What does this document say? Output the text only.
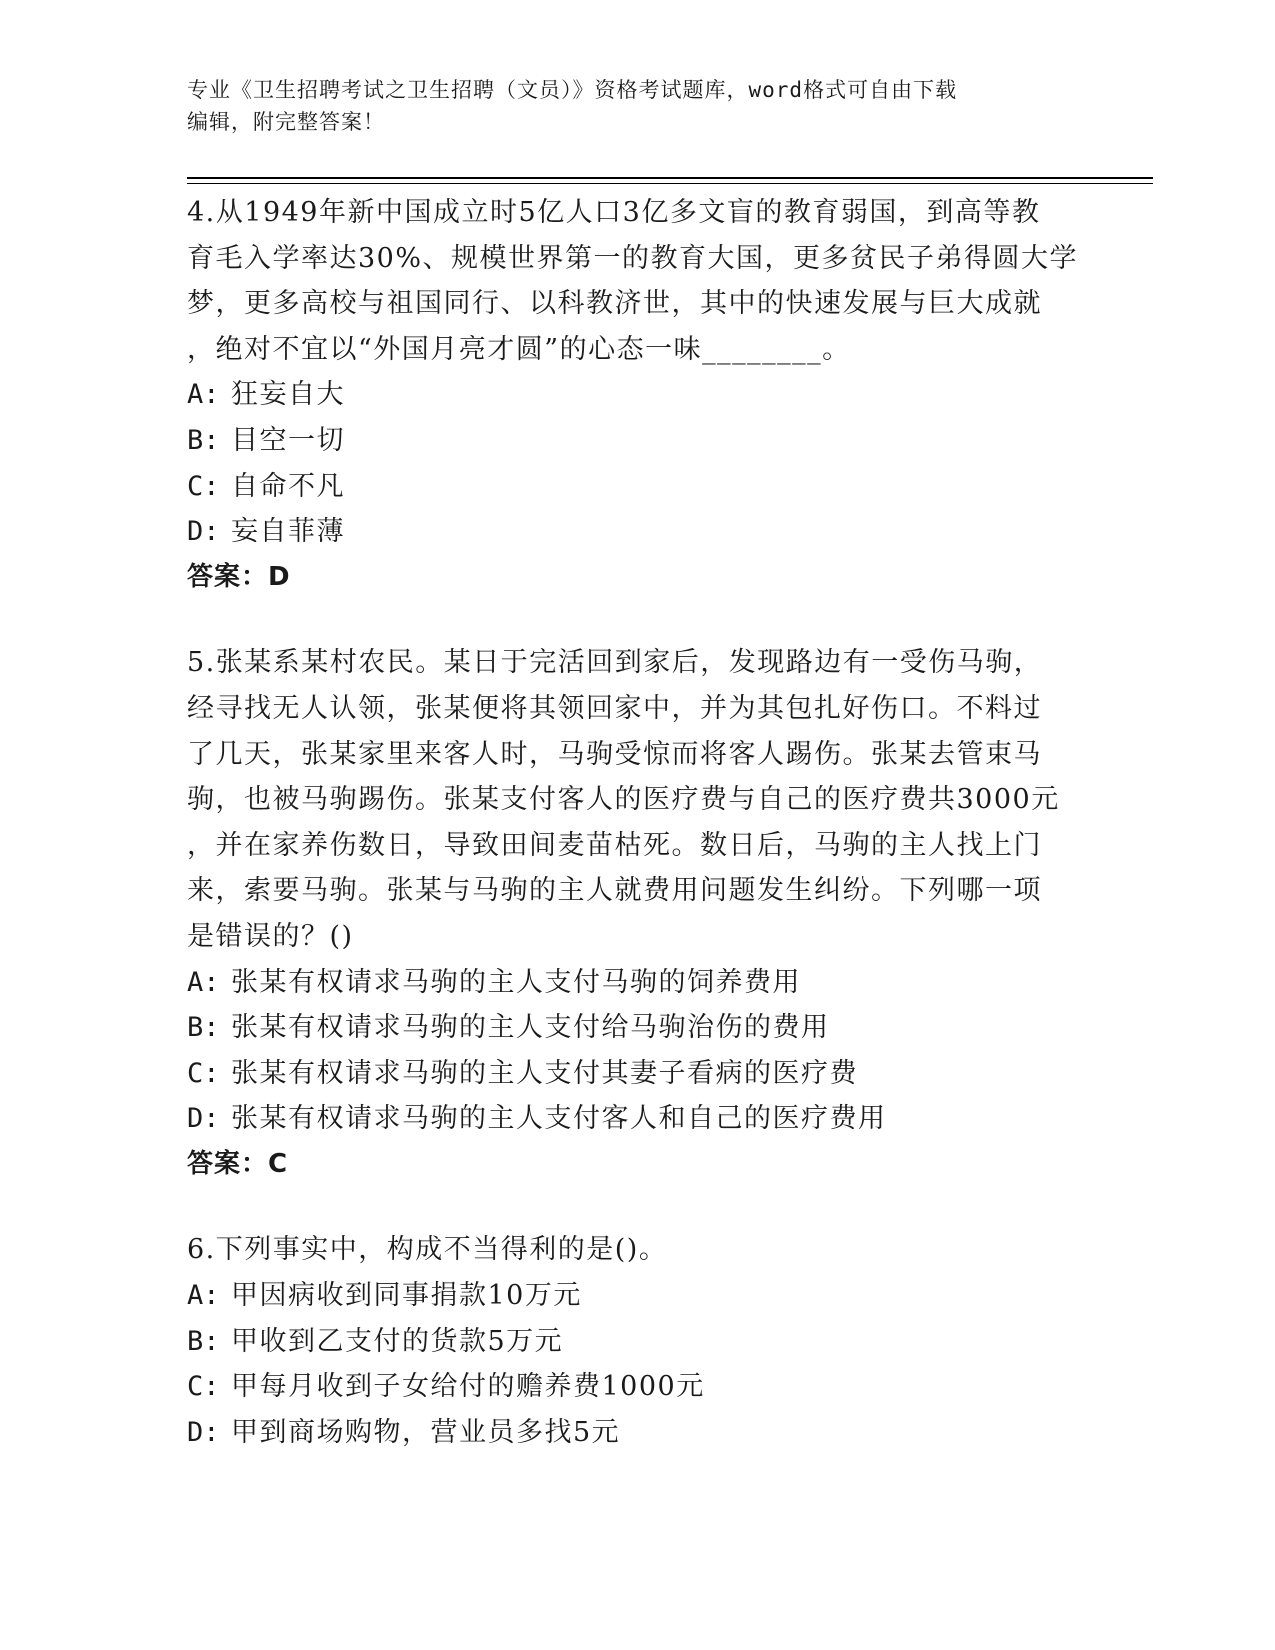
专业《卫生招聘考试之卫生招聘（文员）》资格考试题库，word格式可自由下载
编辑，附完整答案！
4.从1949年新中国成立时5亿人口3亿多文盲的教育弱国，到高等教
育毛入学率达30%、规模世界第一的教育大国，更多贫民子弟得圆大学
梦，更多高校与祖国同行、以科教济世，其中的快速发展与巨大成就
，绝对不宜以“外国月亮才圆”的心态一味________。
A: 狂妄自大
B: 目空一切
C: 自命不凡
D: 妄自菲薄
答案：D
5.张某系某村农民。某日于完活回到家后，发现路边有一受伤马驹，
经寻找无人认领，张某便将其领回家中，并为其包扎好伤口。不料过
了几天，张某家里来客人时，马驹受惊而将客人踢伤。张某去管束马
驹，也被马驹踢伤。张某支付客人的医疗费与自己的医疗费共3000元
，并在家养伤数日，导致田间麦苗枯死。数日后，马驹的主人找上门
来，索要马驹。张某与马驹的主人就费用问题发生纠纷。下列哪一项
是错误的？()
A: 张某有权请求马驹的主人支付马驹的饲养费用
B: 张某有权请求马驹的主人支付给马驹治伤的费用
C: 张某有权请求马驹的主人支付其妻子看病的医疗费
D: 张某有权请求马驹的主人支付客人和自己的医疗费用
答案：C
6.下列事实中，构成不当得利的是()。
A: 甲因病收到同事捐款10万元
B: 甲收到乙支付的货款5万元
C: 甲每月收到子女给付的赡养费1000元
D: 甲到商场购物，营业员多找5元
